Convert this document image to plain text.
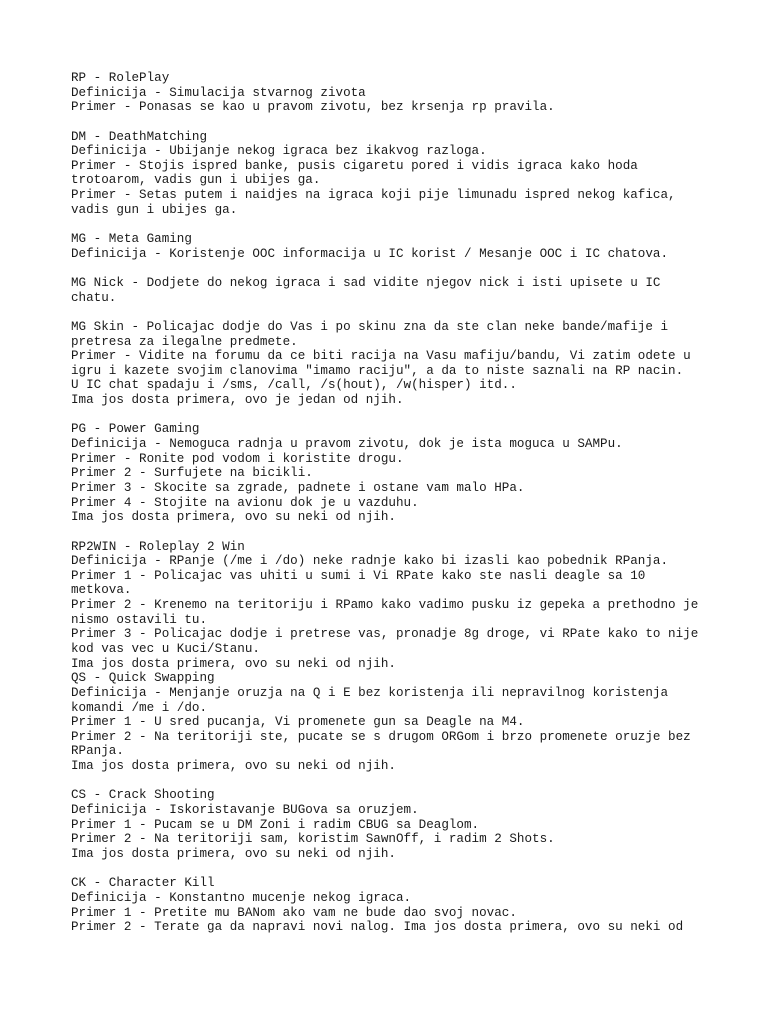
RP - RolePlay
Definicija - Simulacija stvarnog zivota
Primer - Ponasas se kao u pravom zivotu, bez krsenja rp pravila.
DM - DeathMatching
Definicija - Ubijanje nekog igraca bez ikakvog razloga.
Primer - Stojis ispred banke, pusis cigaretu pored i vidis igraca kako hoda
trotoarom, vadis gun i ubijes ga.
Primer - Setas putem i naidjes na igraca koji pije limunadu ispred nekog kafica,
vadis gun i ubijes ga.
MG - Meta Gaming
Definicija - Koristenje OOC informacija u IC korist / Mesanje OOC i IC chatova.
MG Nick - Dodjete do nekog igraca i sad vidite njegov nick i isti upisete u IC
chatu.
MG Skin - Policajac dodje do Vas i po skinu zna da ste clan neke bande/mafije i
pretresa za ilegalne predmete.
Primer - Vidite na forumu da ce biti racija na Vasu mafiju/bandu, Vi zatim odete u
igru i kazete svojim clanovima "imamo raciju", a da to niste saznali na RP nacin.
U IC chat spadaju i /sms, /call, /s(hout), /w(hisper) itd..
Ima jos dosta primera, ovo je jedan od njih.
PG - Power Gaming
Definicija - Nemoguca radnja u pravom zivotu, dok je ista moguca u SAMPu.
Primer - Ronite pod vodom i koristite drogu.
Primer 2 - Surfujete na bicikli.
Primer 3 - Skocite sa zgrade, padnete i ostane vam malo HPa.
Primer 4 - Stojite na avionu dok je u vazduhu.
Ima jos dosta primera, ovo su neki od njih.
RP2WIN - Roleplay 2 Win
Definicija - RPanje (/me i /do) neke radnje kako bi izasli kao pobednik RPanja.
Primer 1 - Policajac vas uhiti u sumi i Vi RPate kako ste nasli deagle sa 10
metkova.
Primer 2 - Krenemo na teritoriju i RPamo kako vadimo pusku iz gepeka a prethodno je
nismo ostavili tu.
Primer 3 - Policajac dodje i pretrese vas, pronadje 8g droge, vi RPate kako to nije
kod vas vec u Kuci/Stanu.
Ima jos dosta primera, ovo su neki od njih.
QS - Quick Swapping
Definicija - Menjanje oruzja na Q i E bez koristenja ili nepravilnog koristenja
komandi /me i /do.
Primer 1 - U sred pucanja, Vi promenete gun sa Deagle na M4.
Primer 2 - Na teritoriji ste, pucate se s drugom ORGom i brzo promenete oruzje bez
RPanja.
Ima jos dosta primera, ovo su neki od njih.
CS - Crack Shooting
Definicija - Iskoristavanje BUGova sa oruzjem.
Primer 1 - Pucam se u DM Zoni i radim CBUG sa Deaglom.
Primer 2 - Na teritoriji sam, koristim SawnOff, i radim 2 Shots.
Ima jos dosta primera, ovo su neki od njih.
CK - Character Kill
Definicija - Konstantno mucenje nekog igraca.
Primer 1 - Pretite mu BANom ako vam ne bude dao svoj novac.
Primer 2 - Terate ga da napravi novi nalog. Ima jos dosta primera, ovo su neki od
